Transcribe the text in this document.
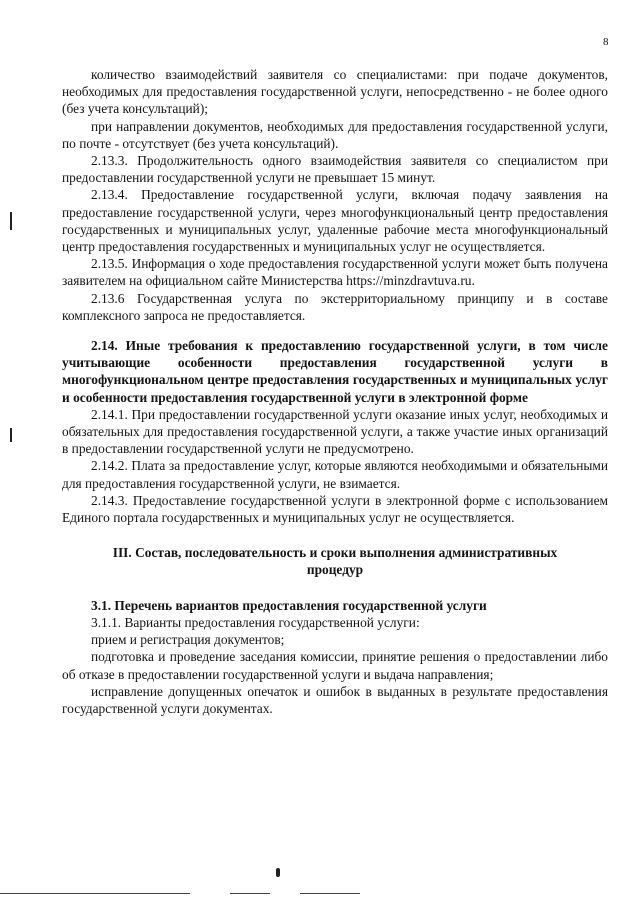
8

количество взаимодействий заявителя со специалистами: при подаче документов, необходимых для предоставления государственной услуги, непосредственно - не более одного (без учета консультаций);

при направлении документов, необходимых для предоставления государственной услуги, по почте - отсутствует (без учета консультаций).

2.13.3. Продолжительность одного взаимодействия заявителя со специалистом при предоставлении государственной услуги не превышает 15 минут.

2.13.4. Предоставление государственной услуги, включая подачу заявления на предоставление государственной услуги, через многофункциональный центр предоставления государственных и муниципальных услуг, удаленные рабочие места многофункциональный центр предоставления государственных и муниципальных услуг не осуществляется.

2.13.5. Информация о ходе предоставления государственной услуги может быть получена заявителем на официальном сайте Министерства https://minzdravtuva.ru.

2.13.6 Государственная услуга по экстерриториальному принципу и в составе комплексного запроса не предоставляется.

2.14. Иные требования к предоставлению государственной услуги, в том числе учитывающие особенности предоставления государственной услуги в многофункциональном центре предоставления государственных и муниципальных услуг и особенности предоставления государственной услуги в электронной форме

2.14.1. При предоставлении государственной услуги оказание иных услуг, необходимых и обязательных для предоставления государственной услуги, а также участие иных организаций в предоставлении государственной услуги не предусмотрено.

2.14.2. Плата за предоставление услуг, которые являются необходимыми и обязательными для предоставления государственной услуги, не взимается.

2.14.3. Предоставление государственной услуги в электронной форме с использованием Единого портала государственных и муниципальных услуг не осуществляется.

III. Состав, последовательность и сроки выполнения административных процедур

3.1. Перечень вариантов предоставления государственной услуги

3.1.1. Варианты предоставления государственной услуги:

прием и регистрация документов;

подготовка и проведение заседания комиссии, принятие решения о предоставлении либо об отказе в предоставлении государственной услуги и выдача направления;

исправление допущенных опечаток и ошибок в выданных в результате предоставления государственной услуги документах.
